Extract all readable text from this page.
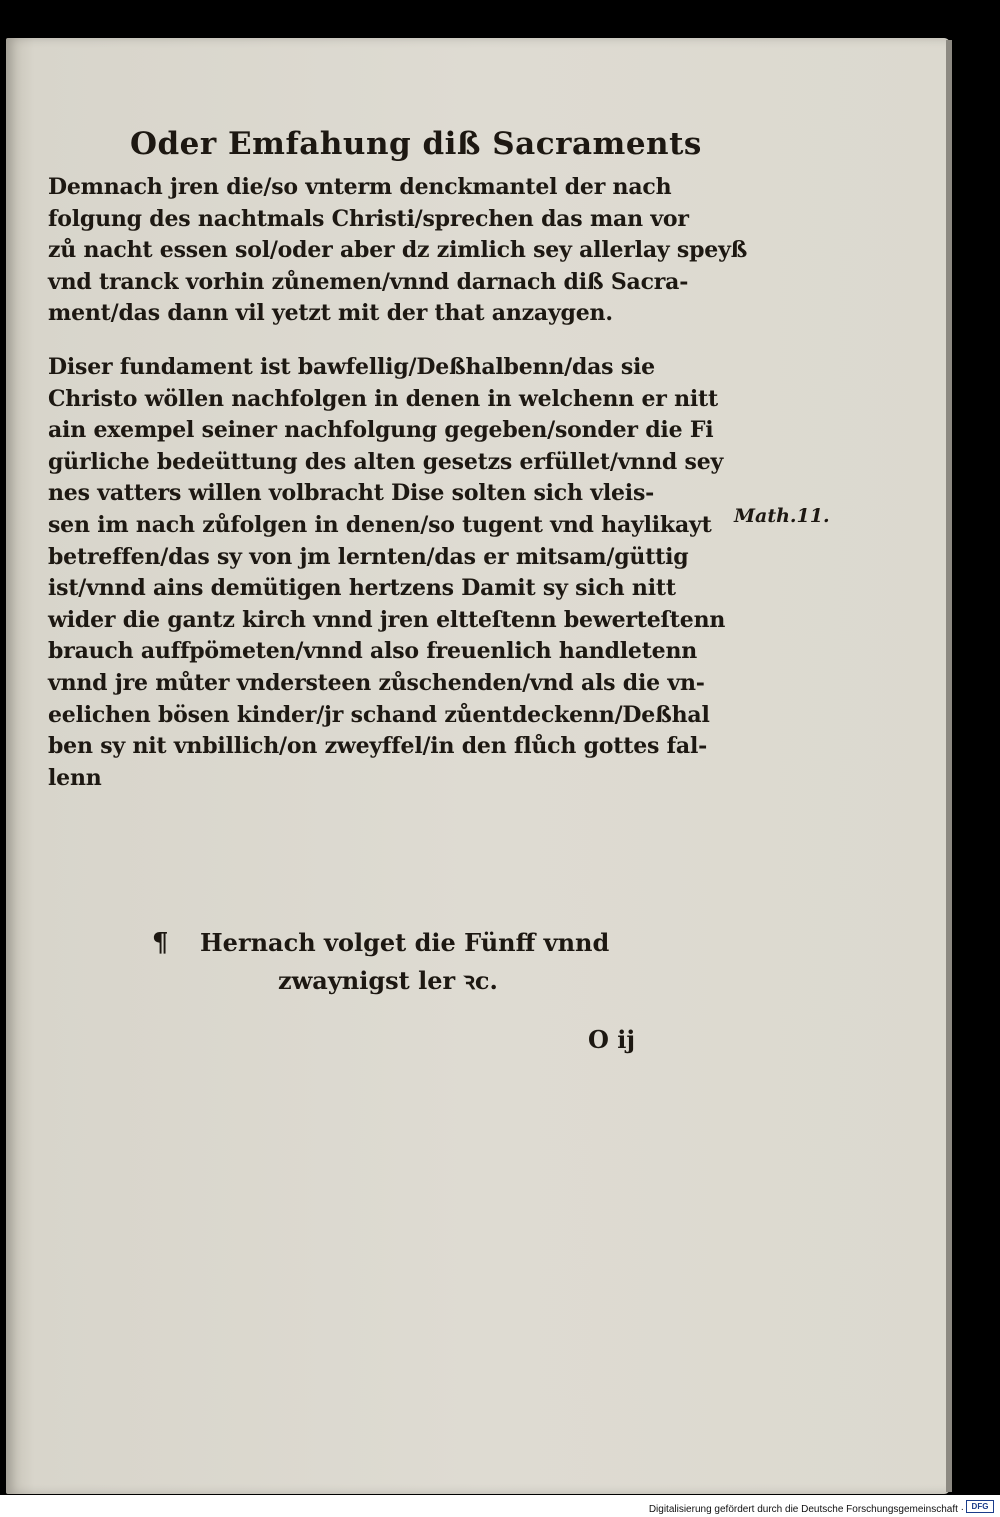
Oder Emfahung diß Sacraments
Demnach jren die/so vnterm denckmantel der nach
folgung des nachtmals Christi/sprechen das man vor
zů nacht essen sol/oder aber dz zimlich sey allerlay speyß
vnd tranck vorhin zůnemen/vnnd darnach diß Sacra-
ment/das dann vil yetzt mit der that anzaygen.
Diser fundament ist bawfellig/Deßhalbenn/das sie
Christo wöllen nachfolgen in denen in welchenn er nitt
ain exempel seiner nachfolgung gegeben/sonder die Fi
gürliche bedeüttung des alten gesetzs erfüllet/vnnd sey
nes vatters willen volbracht Dise solten sich vleis-
sen im nach zůfolgen in denen/so tugent vnd haylikayt
betreffen/das sy von jm lernten/das er mitsam/güttig
ist/vnnd ains demütigen hertzens Damit sy sich nitt
wider die gantz kirch vnnd jren eltteſtenn bewerteſtenn
brauch auffpömeten/vnnd also freuenlich handletenn
vnnd jre můter vndersteen zůschenden/vnd als die vn-
eelichen bösen kinder/jr schand zůentdeckenn/Deßhal
ben sy nit vnbillich/on zweyffel/in den flůch gottes fal-
lenn
Math.11.
¶ Hernach volget die Fünff vnnd
zwaynigst ler ꝛc.
O ij
Digitalisierung gefördert durch die Deutsche Forschungsgemeinschaft · DFG
